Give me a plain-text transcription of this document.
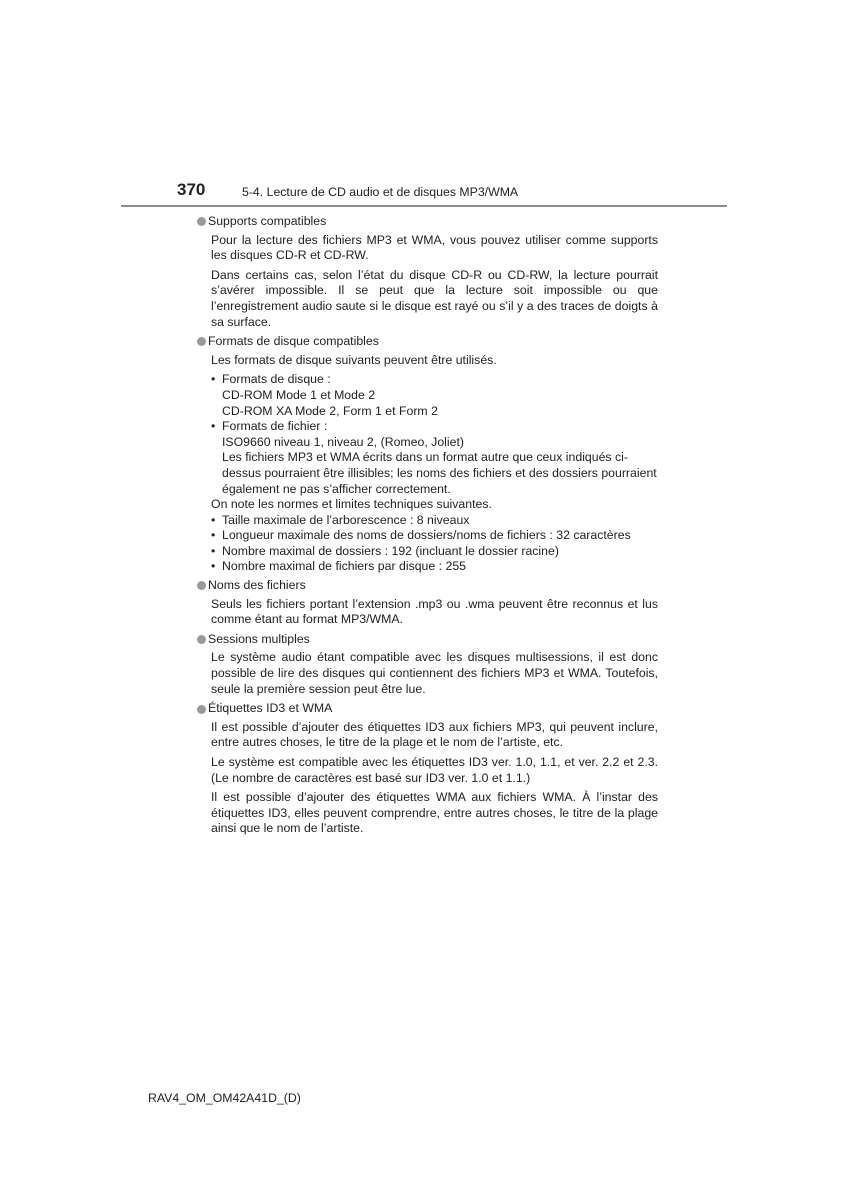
370	5-4. Lecture de CD audio et de disques MP3/WMA
Supports compatibles

Pour la lecture des fichiers MP3 et WMA, vous pouvez utiliser comme supports les disques CD-R et CD-RW.

Dans certains cas, selon l’état du disque CD-R ou CD-RW, la lecture pourrait s’avérer impossible. Il se peut que la lecture soit impossible ou que l’enregistrement audio saute si le disque est rayé ou s’il y a des traces de doigts à sa surface.

Formats de disque compatibles

Les formats de disque suivants peuvent être utilisés.

• Formats de disque :
CD-ROM Mode 1 et Mode 2
CD-ROM XA Mode 2, Form 1 et Form 2
• Formats de fichier :
ISO9660 niveau 1, niveau 2, (Romeo, Joliet)
Les fichiers MP3 et WMA écrits dans un format autre que ceux indiqués ci-dessus pourraient être illisibles; les noms des fichiers et des dossiers pourraient également ne pas s’afficher correctement.
On note les normes et limites techniques suivantes.
• Taille maximale de l’arborescence : 8 niveaux
• Longueur maximale des noms de dossiers/noms de fichiers : 32 caractères
• Nombre maximal de dossiers : 192 (incluant le dossier racine)
• Nombre maximal de fichiers par disque : 255
Noms des fichiers

Seuls les fichiers portant l’extension .mp3 ou .wma peuvent être reconnus et lus comme étant au format MP3/WMA.

Sessions multiples

Le système audio étant compatible avec les disques multisessions, il est donc possible de lire des disques qui contiennent des fichiers MP3 et WMA. Toutefois, seule la première session peut être lue.

Étiquettes ID3 et WMA

Il est possible d’ajouter des étiquettes ID3 aux fichiers MP3, qui peuvent inclure, entre autres choses, le titre de la plage et le nom de l’artiste, etc.

Le système est compatible avec les étiquettes ID3 ver. 1.0, 1.1, et ver. 2.2 et 2.3. (Le nombre de caractères est basé sur ID3 ver. 1.0 et 1.1.)

Il est possible d’ajouter des étiquettes WMA aux fichiers WMA. À l’instar des étiquettes ID3, elles peuvent comprendre, entre autres choses, le titre de la plage ainsi que le nom de l’artiste.

RAV4_OM_OM42A41D_(D)
